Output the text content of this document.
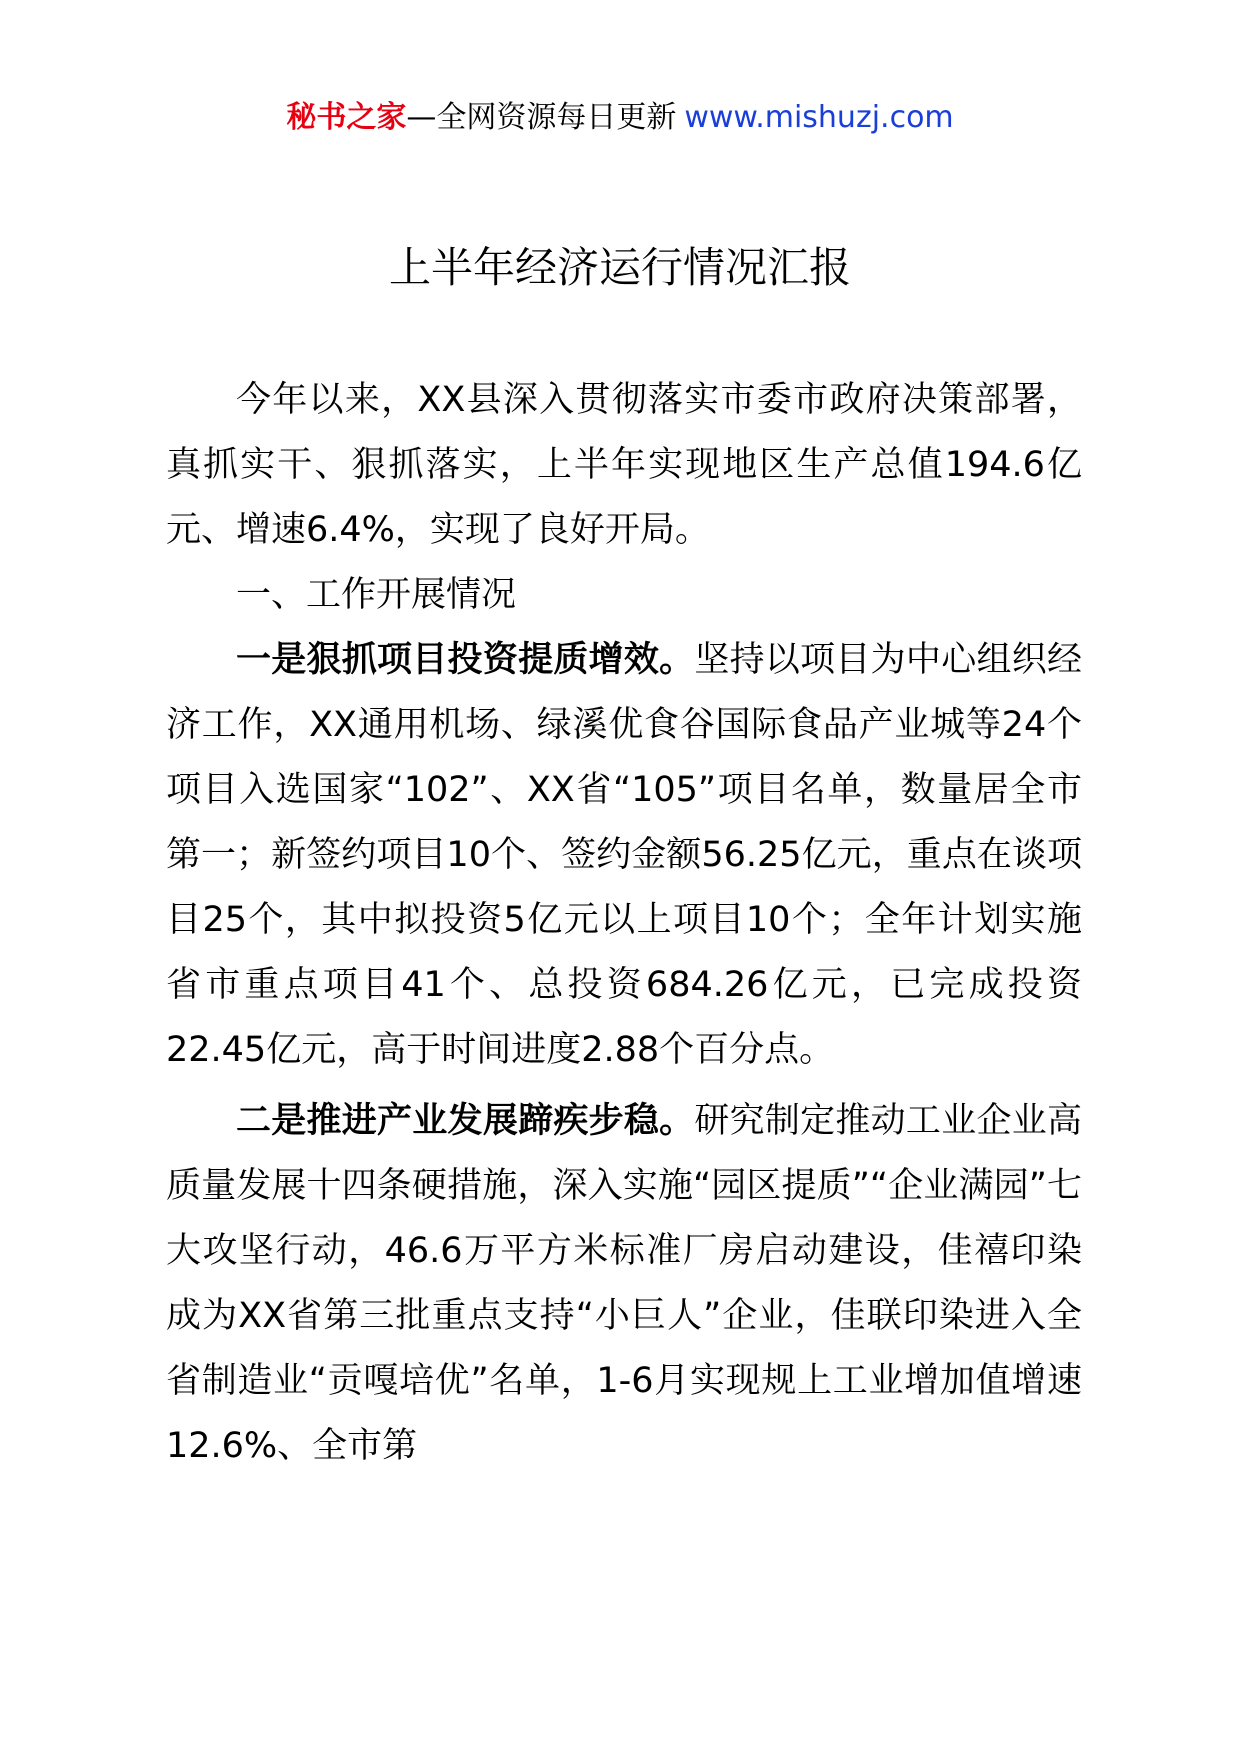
秘书之家—全网资源每日更新 www.mishuzj.com
上半年经济运行情况汇报

今年以来，XX县深入贯彻落实市委市政府决策部署，真抓实干、狠抓落实，上半年实现地区生产总值194.6亿元、增速6.4%，实现了良好开局。

一、工作开展情况

一是狠抓项目投资提质增效。坚持以项目为中心组织经济工作，XX通用机场、绿溪优食谷国际食品产业城等24个项目入选国家“102”、XX省“105”项目名单，数量居全市第一；新签约项目10个、签约金额56.25亿元，重点在谈项目25个，其中拟投资5亿元以上项目10个；全年计划实施省市重点项目41个、总投资684.26亿元，已完成投资22.45亿元，高于时间进度2.88个百分点。

二是推进产业发展蹄疾步稳。研究制定推动工业企业高质量发展十四条硬措施，深入实施“园区提质”“企业满园”七大攻坚行动，46.6万平方米标准厂房启动建设，佳禧印染成为XX省第三批重点支持“小巨人”企业，佳联印染进入全省制造业“贡嘎培优”名单，1-6月实现规上工业增加值增速12.6%、全市第
